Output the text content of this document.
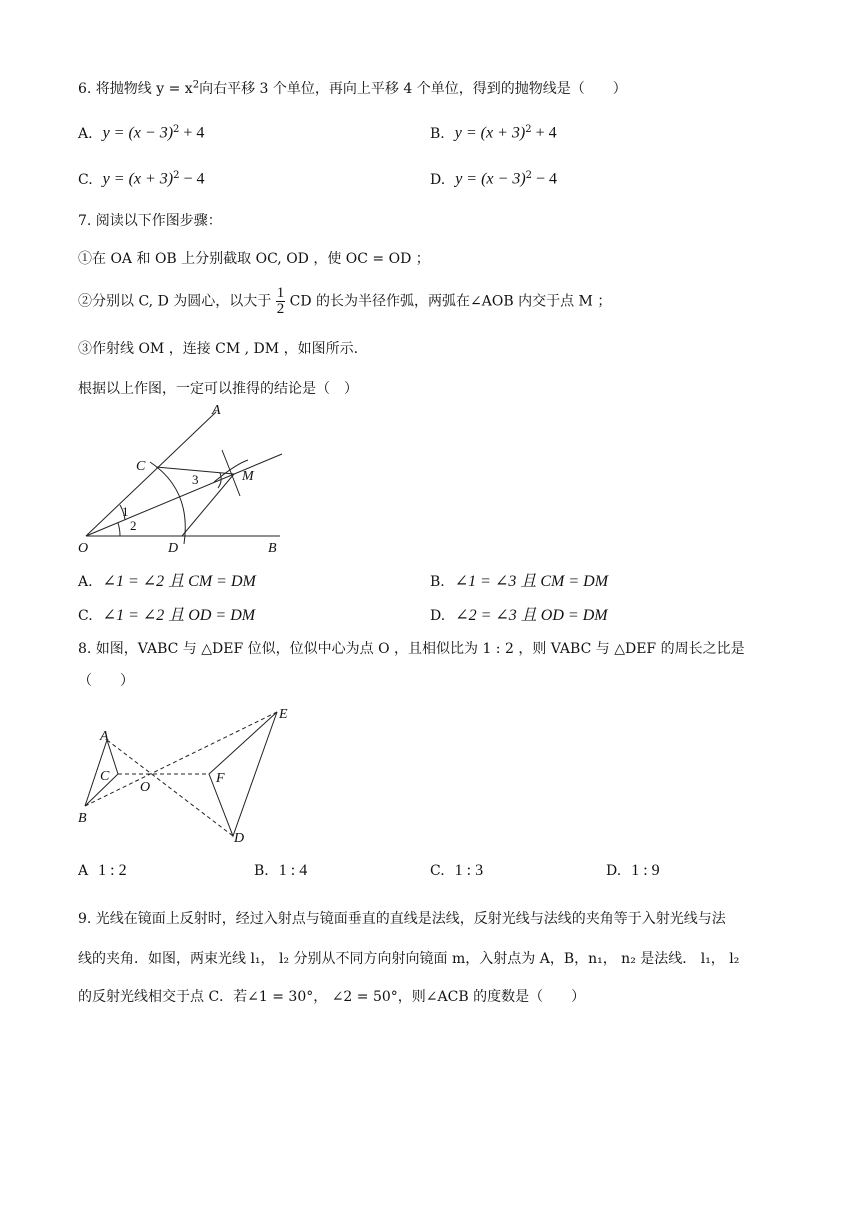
6. 将抛物线 $y = x^2$向右平移 3 个单位，再向上平移 4 个单位，得到的抛物线是（　　）
A. $y = (x - 3)^2 + 4$	B. $y = (x + 3)^2 + 4$
C. $y = (x + 3)^2 - 4$	D. $y = (x - 3)^2 - 4$
7. 阅读以下作图步骤：
①在 OA 和 OB 上分别截取 OC, OD ，使 OC = OD ；
②分别以 C, D 为圆心，以大于 $\frac{1}{2}$ CD 的长为半径作弧，两弧在∠AOB 内交于点 M ；
③作射线 OM ，连接 CM , DM ，如图所示.
根据以上作图，一定可以推得的结论是（　）
A
C
M
3
1
2
O	D	B
A. ∠1 = ∠2 且 CM = DM	B. ∠1 = ∠3 且 CM = DM
C. ∠1 = ∠2 且 OD = DM	D. ∠2 = ∠3 且 OD = DM
8. 如图，VABC 与 △DEF 位似，位似中心为点 O ，且相似比为 1 : 2 ，则 VABC 与 △DEF 的周长之比是
（　　）
A
C
O
B
E
F
D
A 1 : 2	B. 1 : 4	C. 1 : 3	D. 1 : 9
9. 光线在镜面上反射时，经过入射点与镜面垂直的直线是法线，反射光线与法线的夹角等于入射光线与法
线的夹角．如图，两束光线 l₁， l₂ 分别从不同方向射向镜面 m，入射点为 A，B，n₁， n₂ 是法线． l₁， l₂
的反射光线相交于点 C．若∠1 = 30°， ∠2 = 50°，则∠ACB 的度数是（　　）
